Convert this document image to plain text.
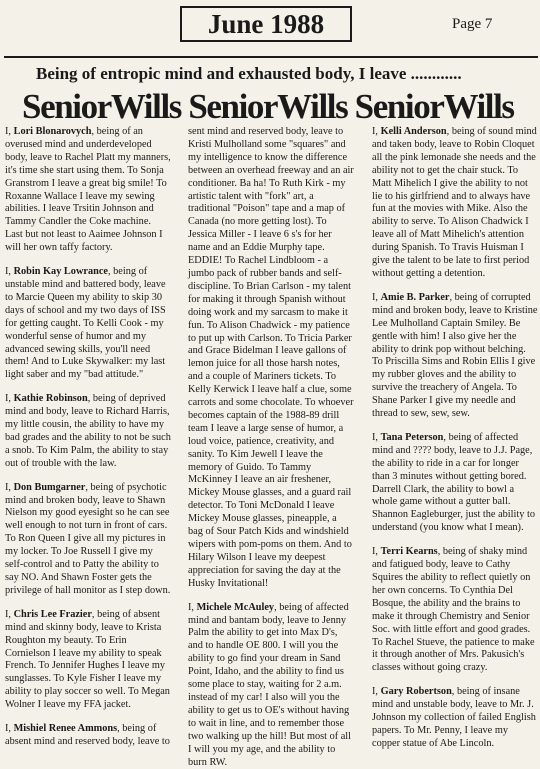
June 1988	Page 7
Being of entropic mind and exhausted body, I leave ............
SeniorWills SeniorWills SeniorWills

I, Lori Blonarovych, being of an overused mind and underdeveloped body, leave to Rachel Platt my manners, it's time she start using them. To Sonja Granstrom I leave a great big smile! To Roxanne Wallace I leave my sewing abilities. I leave Trsitin Johnson and Tammy Candler the Coke machine. Last but not least to Aaimee Johnson I will her own taffy factory.

I, Robin Kay Lowrance, being of unstable mind and battered body, leave to Marcie Queen my ability to skip 30 days of school and my two days of ISS for getting caught. To Kelli Cook - my wonderful sense of humor and my advanced sewing skills, you'll need them! And to Luke Skywalker: my last light saber and my "bad attitude."

I, Kathie Robinson, being of deprived mind and body, leave to Richard Harris, my little cousin, the ability to have my bad grades and the ability to not be such a snob. To Kim Palm, the ability to stay out of trouble with the law.

I, Don Bumgarner, being of psychotic mind and broken body, leave to Shawn Nielson my good eyesight so he can see well enough to not turn in front of cars. To Ron Queen I give all my pictures in my locker. To Joe Russell I give my self-control and to Patty the ability to say NO. And Shawn Foster gets the privilege of hall monitor as I step down.

I, Chris Lee Frazier, being of absent mind and skinny body, leave to Krista Roughton my beauty. To Erin Cornielson I leave my ability to speak French. To Jennifer Hughes I leave my sunglasses. To Kyle Fisher I leave my ability to play soccer so well. To Megan Wolner I leave my FFA jacket.

I, Mishiel Renee Ammons, being of absent mind and reserved body, leave to

sent mind and reserved body, leave to Kristi Mulholland some "squares" and my intelligence to know the difference between an overhead freeway and an air conditioner. Ba ha! To Ruth Kirk - my artistic talent with "fork" art, a traditional "Poison" tape and a map of Canada (no more getting lost). To Jessica Miller - I leave 6 s's for her name and an Eddie Murphy tape. EDDIE! To Rachel Lindbloom - a jumbo pack of rubber bands and self-discipline. To Brian Carlson - my talent for making it through Spanish without doing work and my sarcasm to make it fun. To Alison Chadwick - my patience to put up with Carlson. To Tricia Parker and Grace Bidelman I leave gallons of lemon juice for all those harsh notes, and a couple of Mariners tickets. To Kelly Kerwick I leave half a clue, some carrots and some chocolate. To whoever becomes captain of the 1988-89 drill team I leave a large sense of humor, a loud voice, patience, creativity, and sanity. To Kim Jewell I leave the memory of Guido. To Tammy McKinney I leave an air freshener, Mickey Mouse glasses, and a guard rail detector. To Toni McDonald I leave Mickey Mouse glasses, pineapple, a bag of Sour Patch Kids and windshield wipers with pom-poms on them. And to Hilary Wilson I leave my deepest appreciation for saving the day at the Husky Invitational!

I, Michele McAuley, being of affected mind and bantam body, leave to Jenny Palm the ability to get into Max D's, and to handle OE 800. I will you the ability to go find your dream in Sand Point, Idaho, and the ability to find us some place to stay, waiting for 2 a.m. instead of my car! I also will you the ability to get us to OE's without having to wait in line, and to remember those two walking up the hill! But most of all I will you my age, and the ability to burn RW.

I, Kelli Anderson, being of sound mind and taken body, leave to Robin Cloquet all the pink lemonade she needs and the ability not to get the chair stuck. To Matt Mihelich I give the ability to not lie to his girlfriend and to always have fun at the movies with Mike. Also the ability to serve. To Alison Chadwick I leave all of Matt Mihelich's attention during Spanish. To Travis Huisman I give the talent to be late to first period without getting a detention.

I, Amie B. Parker, being of corrupted mind and broken body, leave to Kristine Lee Mulholland Captain Smiley. Be gentle with him! I also give her the ability to drink pop without belching. To Priscilla Sims and Robin Ellis I give my rubber gloves and the ability to survive the treachery of Angela. To Shane Parker I give my needle and thread to sew, sew, sew.

I, Tana Peterson, being of affected mind and ???? body, leave to J.J. Page, the ability to ride in a car for longer than 3 minutes without getting bored. Darrell Clark, the ability to bowl a whole game without a gutter ball. Shannon Eagleburger, just the ability to understand (you know what I mean).

I, Terri Kearns, being of shaky mind and fatigued body, leave to Cathy Squires the ability to reflect quietly on her own concerns. To Cynthia Del Bosque, the ability and the brains to make it through Chemistry and Senior Soc. with little effort and good grades. To Rachel Stueve, the patience to make it through another of Mrs. Pakusich's classes without going crazy.

I, Gary Robertson, being of insane mind and unstable body, leave to Mr. J. Johnson my collection of failed English papers. To Mr. Penny, I leave my copper statue of Abe Lincoln.
